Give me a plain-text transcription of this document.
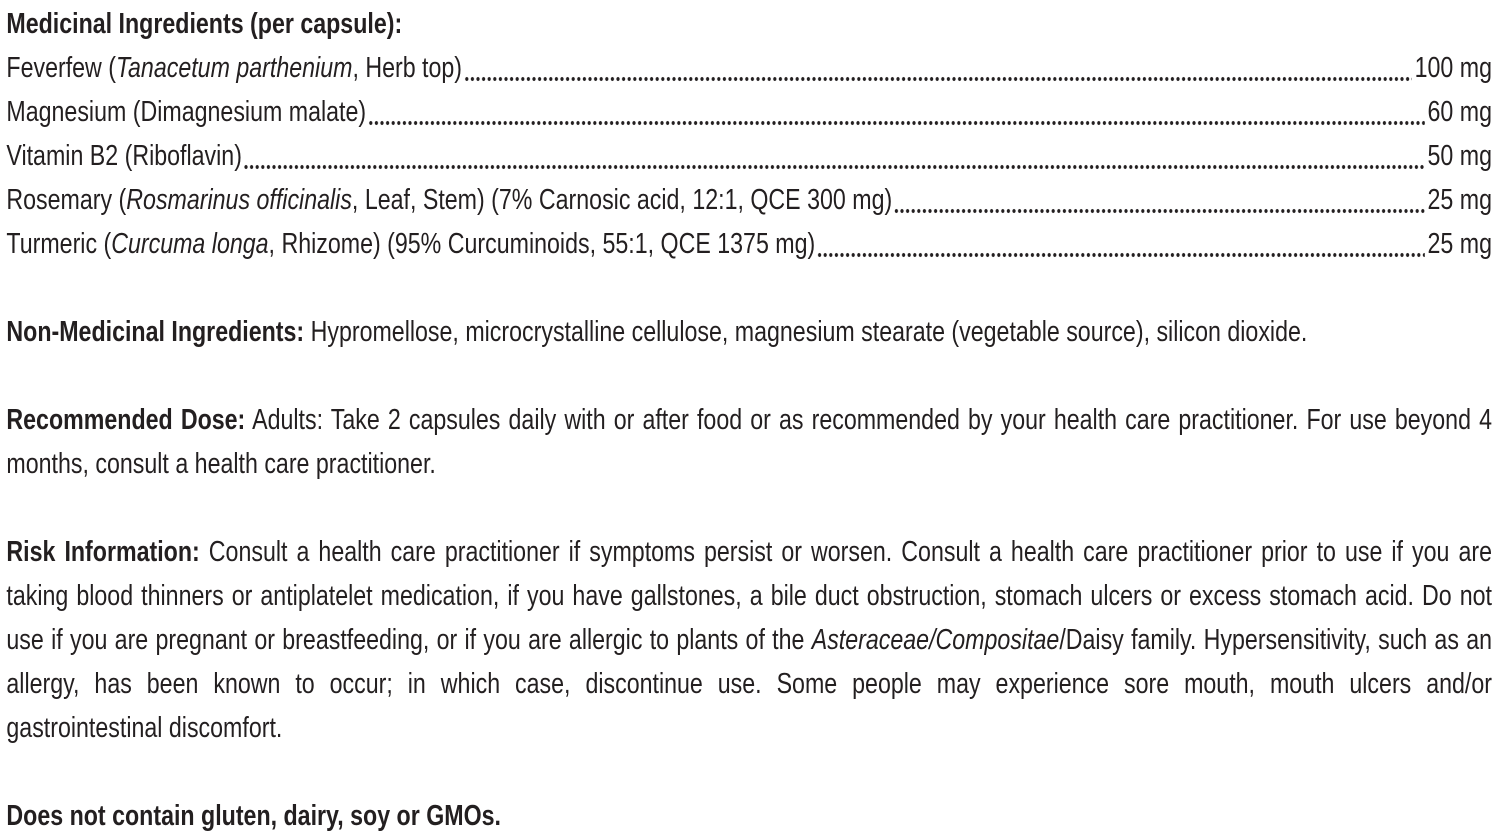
Medicinal Ingredients (per capsule):
Feverfew (Tanacetum parthenium, Herb top)	100 mg
Magnesium (Dimagnesium malate)	60 mg
Vitamin B2 (Riboflavin)	50 mg
Rosemary (Rosmarinus officinalis, Leaf, Stem) (7% Carnosic acid, 12:1, QCE 300 mg)	25 mg
Turmeric (Curcuma longa, Rhizome) (95% Curcuminoids, 55:1, QCE 1375 mg)	25 mg
Non-Medicinal Ingredients: Hypromellose, microcrystalline cellulose, magnesium stearate (vegetable source), silicon dioxide.
Recommended Dose: Adults: Take 2 capsules daily with or after food or as recommended by your health care practitioner. For use beyond 4 months, consult a health care practitioner.
Risk Information: Consult a health care practitioner if symptoms persist or worsen. Consult a health care practitioner prior to use if you are taking blood thinners or antiplatelet medication, if you have gallstones, a bile duct obstruction, stomach ulcers or excess stomach acid. Do not use if you are pregnant or breastfeeding, or if you are allergic to plants of the Asteraceae/Compositae/Daisy family. Hypersensitivity, such as an allergy, has been known to occur; in which case, discontinue use. Some people may experience sore mouth, mouth ulcers and/or gastrointestinal discomfort.
Does not contain gluten, dairy, soy or GMOs.
